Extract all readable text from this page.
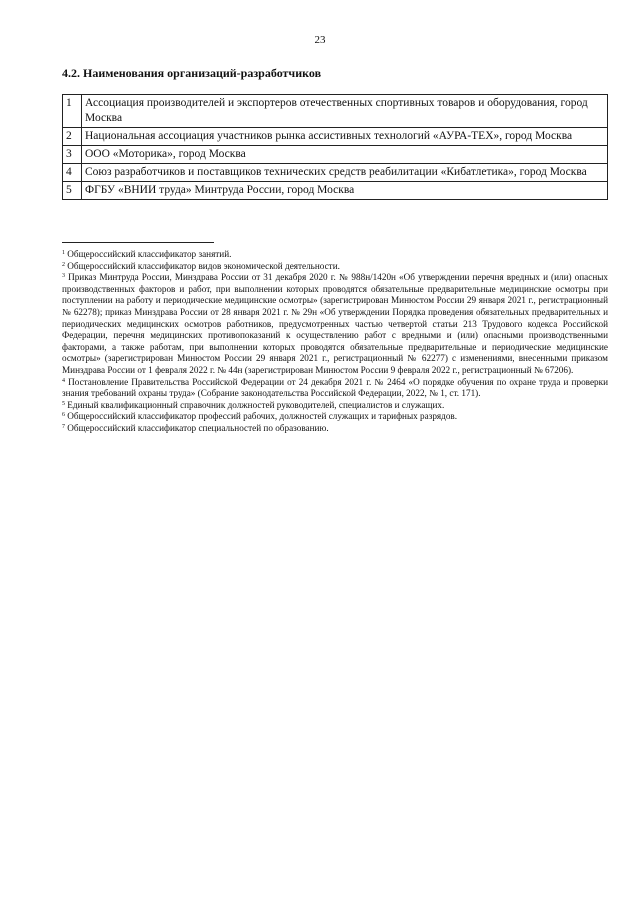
23
4.2. Наименования организаций-разработчиков
1	Ассоциация производителей и экспортеров отечественных спортивных товаров и оборудования, город Москва
2	Национальная ассоциация участников рынка ассистивных технологий «АУРА-ТЕХ», город Москва
3	ООО «Моторика», город Москва
4	Союз разработчиков и поставщиков технических средств реабилитации «Кибатлетика», город Москва
5	ФГБУ «ВНИИ труда» Минтруда России, город Москва

$^1$ Общероссийский классификатор занятий.

$^2$ Общероссийский классификатор видов экономической деятельности.

$^3$ Приказ Минтруда России, Минздрава России от 31 декабря 2020 г. № 988н/1420н «Об утверждении перечня вредных и (или) опасных производственных факторов и работ, при выполнении которых проводятся обязательные предварительные медицинские осмотры при поступлении на работу и периодические медицинские осмотры» (зарегистрирован Минюстом России 29 января 2021 г., регистрационный № 62278); приказ Минздрава России от 28 января 2021 г. № 29н «Об утверждении Порядка проведения обязательных предварительных и периодических медицинских осмотров работников, предусмотренных частью четвертой статьи 213 Трудового кодекса Российской Федерации, перечня медицинских противопоказаний к осуществлению работ с вредными и (или) опасными производственными факторами, а также работам, при выполнении которых проводятся обязательные предварительные и периодические медицинские осмотры» (зарегистрирован Минюстом России 29 января 2021 г., регистрационный № 62277) с изменениями, внесенными приказом Минздрава России от 1 февраля 2022 г. № 44н (зарегистрирован Минюстом России 9 февраля 2022 г., регистрационный № 67206).

$^4$ Постановление Правительства Российской Федерации от 24 декабря 2021 г. № 2464 «О порядке обучения по охране труда и проверки знания требований охраны труда» (Собрание законодательства Российской Федерации, 2022, № 1, ст. 171).

$^5$ Единый квалификационный справочник должностей руководителей, специалистов и служащих.

$^6$ Общероссийский классификатор профессий рабочих, должностей служащих и тарифных разрядов.

$^7$ Общероссийский классификатор специальностей по образованию.
